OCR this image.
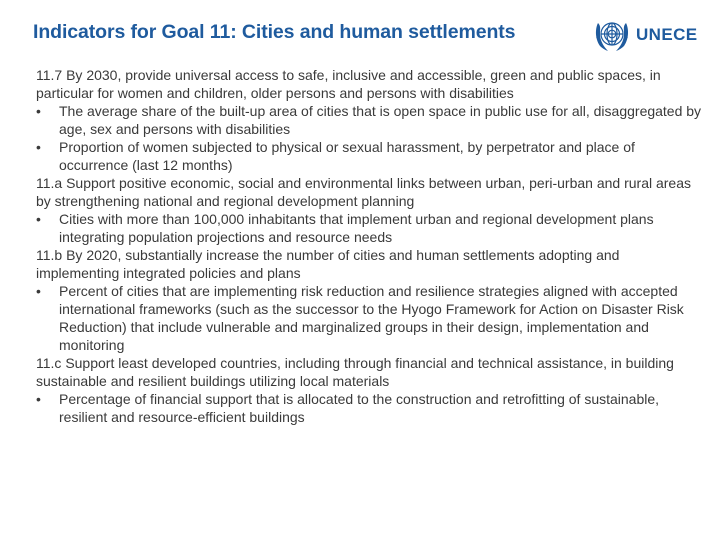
Indicators for Goal 11: Cities and human settlements	UNECE

11.7 By 2030, provide universal access to safe, inclusive and accessible, green and public spaces, in particular for women and children, older persons and persons with disabilities

• The average share of the built-up area of cities that is open space in public use for all, disaggregated by age, sex and persons with disabilities
• Proportion of women subjected to physical or sexual harassment, by perpetrator and place of occurrence (last 12 months)

11.a Support positive economic, social and environmental links between urban, peri-urban and rural areas by strengthening national and regional development planning

• Cities with more than 100,000 inhabitants that implement urban and regional development plans integrating population projections and resource needs

11.b By 2020, substantially increase the number of cities and human settlements adopting and implementing integrated policies and plans

• Percent of cities that are implementing risk reduction and resilience strategies aligned with accepted international frameworks (such as the successor to the Hyogo Framework for Action on Disaster Risk Reduction) that include vulnerable and marginalized groups in their design, implementation and monitoring

11.c Support least developed countries, including through financial and technical assistance, in building sustainable and resilient buildings utilizing local materials

• Percentage of financial support that is allocated to the construction and retrofitting of sustainable, resilient and resource-efficient buildings
